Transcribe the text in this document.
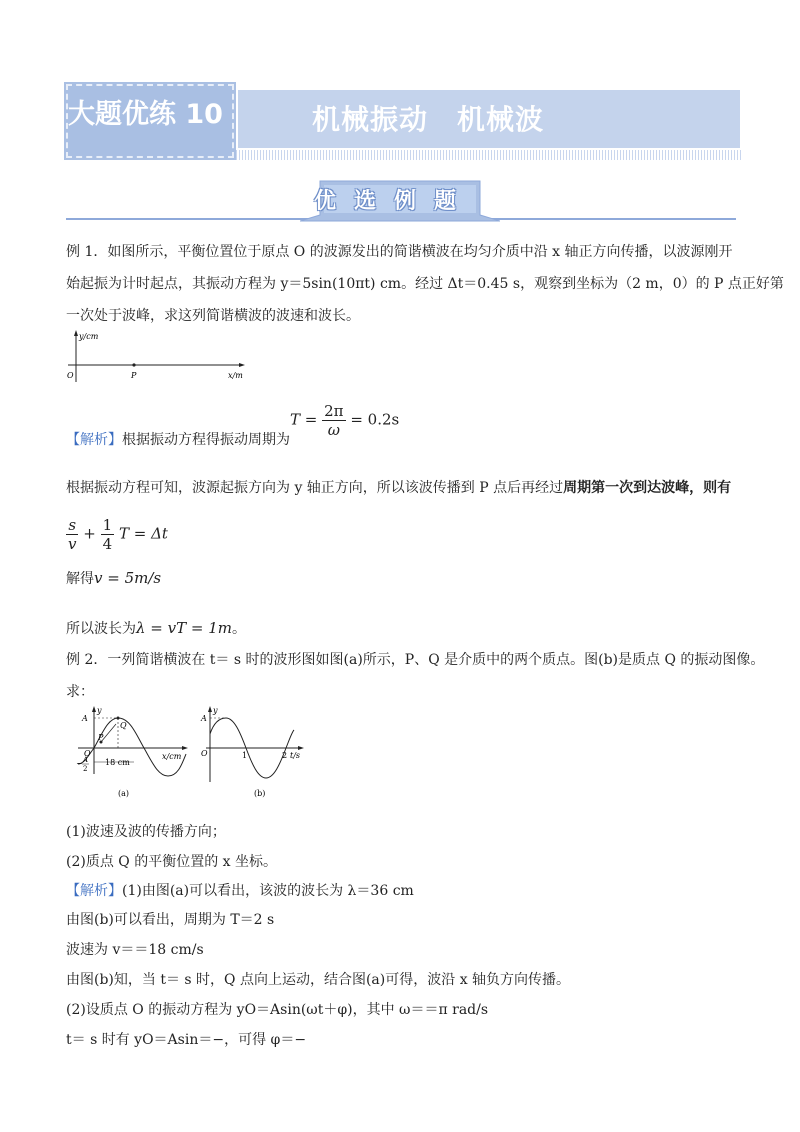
大题优练 10	机械振动　机械波
优选例题
例 1．如图所示，平衡位置位于原点 O 的波源发出的简谐横波在均匀介质中沿 x 轴正方向传播，以波源刚开
始起振为计时起点，其振动方程为 y＝5sin(10πt) cm。经过 Δt＝0.45 s，观察到坐标为（2 m，0）的 P 点正好第
一次处于波峰，求这列简谐横波的波速和波长。
y/cm
O	P	x/m
$T = \frac{2\pi}{\omega} = 0.2s$
【解析】根据振动方程得振动周期为
根据振动方程可知，波源起振方向为 y 轴正方向，所以该波传播到 P 点后再经过周期第一次到达波峰，则有
$\frac{s}{v} + \frac{1}{4}$ T = Δt
解得v = 5m/s
所以波长为λ = vT = 1m。
例 2．一列简谐横波在 t＝ s 时的波形图如图(a)所示，P、Q 是介质中的两个质点。图(b)是质点 Q 的振动图像。
求：
y
A
Q
P
O
− A
2
18 cm
x/cm
(a)
y
A
O	1	2 t/s
(b)
(1)波速及波的传播方向；
(2)质点 Q 的平衡位置的 x 坐标。
【解析】(1)由图(a)可以看出，该波的波长为 λ＝36 cm
由图(b)可以看出，周期为 T＝2 s
波速为 v＝＝18 cm/s
由图(b)知，当 t＝ s 时，Q 点向上运动，结合图(a)可得，波沿 x 轴负方向传播。
(2)设质点 O 的振动方程为 yO＝Asin(ωt＋φ)，其中 ω＝＝π rad/s
t＝ s 时有 yO＝Asin＝−，可得 φ＝−
